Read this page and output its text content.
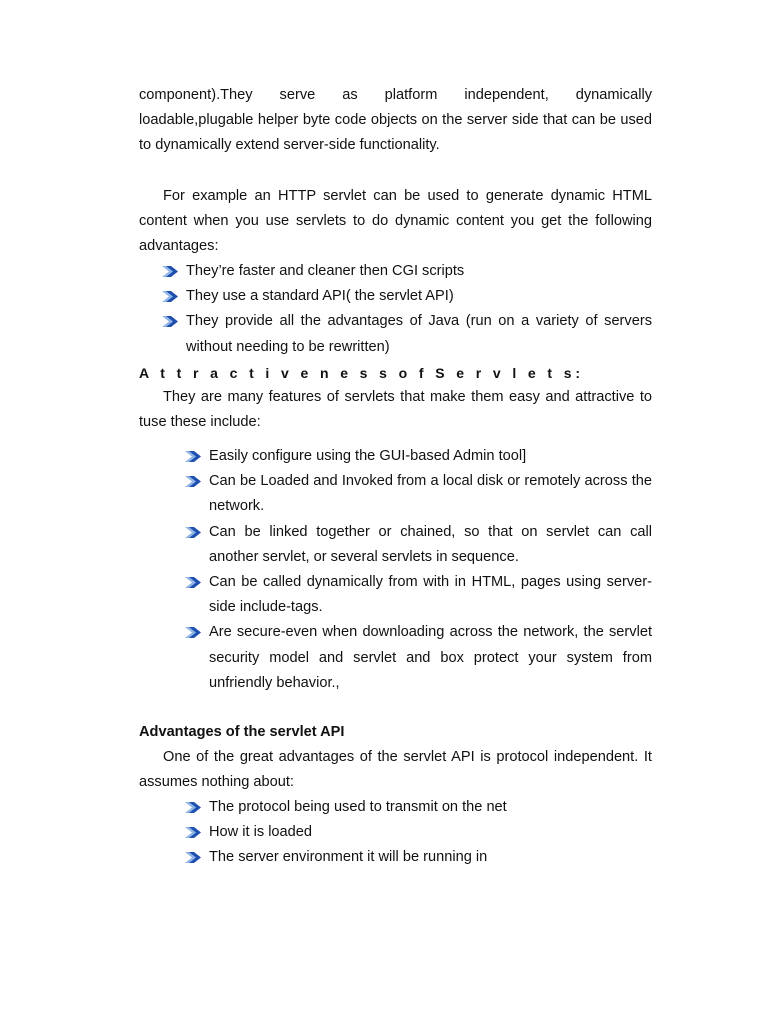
component).They serve as platform independent, dynamically loadable,plugable helper byte code objects on the server side that can be used to dynamically extend server-side functionality.

For example an HTTP servlet can be used to generate dynamic HTML content when you use servlets to do dynamic content you get the following advantages:

They’re faster and cleaner then CGI scripts
They use a standard API( the servlet API)
They provide all the advantages of Java (run on a variety of servers without needing to be rewritten)

A t t r a c t i v e n e s s o f S e r v l e t s:

They are many features of servlets that make them easy and attractive to tuse these include:

Easily configure using the GUI-based Admin tool]
Can be Loaded and Invoked from a local disk or remotely across the network.
Can be linked together or chained, so that on servlet can call another servlet, or several servlets in sequence.
Can be called dynamically from with in HTML, pages using server-side include-tags.
Are secure-even when downloading across the network, the servlet security model and servlet and box protect your system from unfriendly behavior.,

Advantages of the servlet API

One of the great advantages of the servlet API is protocol independent. It assumes nothing about:

The protocol being used to transmit on the net
How it is loaded
The server environment it will be running in
